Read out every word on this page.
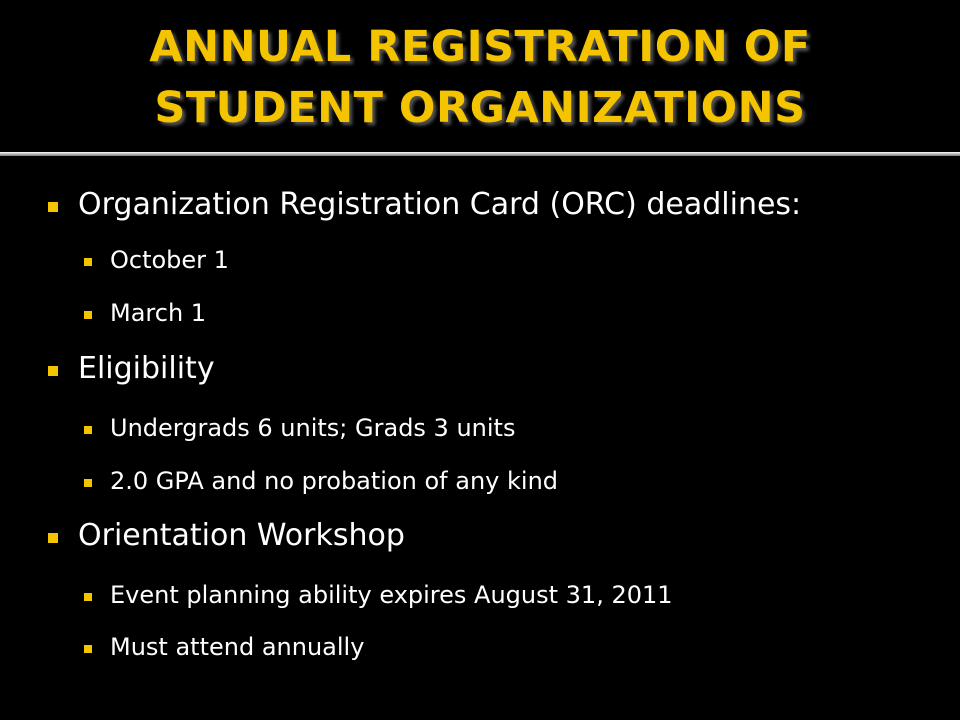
ANNUAL REGISTRATION OF
STUDENT ORGANIZATIONS
Organization Registration Card (ORC) deadlines:
October 1
March 1
Eligibility
Undergrads 6 units; Grads 3 units
2.0 GPA and no probation of any kind
Orientation Workshop
Event planning ability expires August 31, 2011
Must attend annually
